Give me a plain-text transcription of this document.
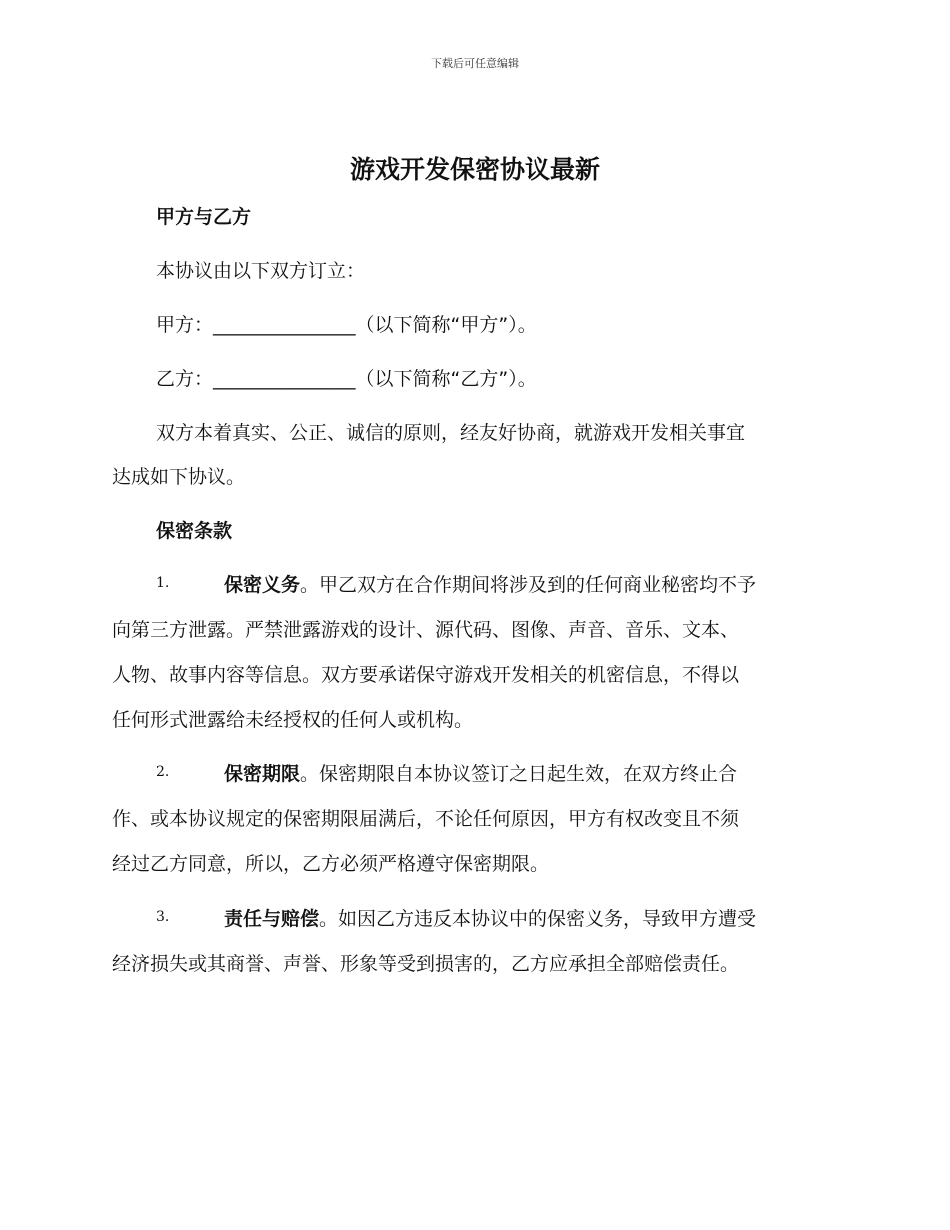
下载后可任意编辑
游戏开发保密协议最新
甲方与乙方
本协议由以下双方订立：
甲方：_______________（以下简称“甲方”）。
乙方：_______________（以下简称“乙方”）。
双方本着真实、公正、诚信的原则，经友好协商，就游戏开发相关事宜
达成如下协议。
保密条款
1.	保密义务。甲乙双方在合作期间将涉及到的任何商业秘密均不予
向第三方泄露。严禁泄露游戏的设计、源代码、图像、声音、音乐、文本、
人物、故事内容等信息。双方要承诺保守游戏开发相关的机密信息，不得以
任何形式泄露给未经授权的任何人或机构。
2.	保密期限。保密期限自本协议签订之日起生效，在双方终止合
作、或本协议规定的保密期限届满后，不论任何原因，甲方有权改变且不须
经过乙方同意，所以，乙方必须严格遵守保密期限。
3.	责任与赔偿。如因乙方违反本协议中的保密义务，导致甲方遭受
经济损失或其商誉、声誉、形象等受到损害的，乙方应承担全部赔偿责任。
